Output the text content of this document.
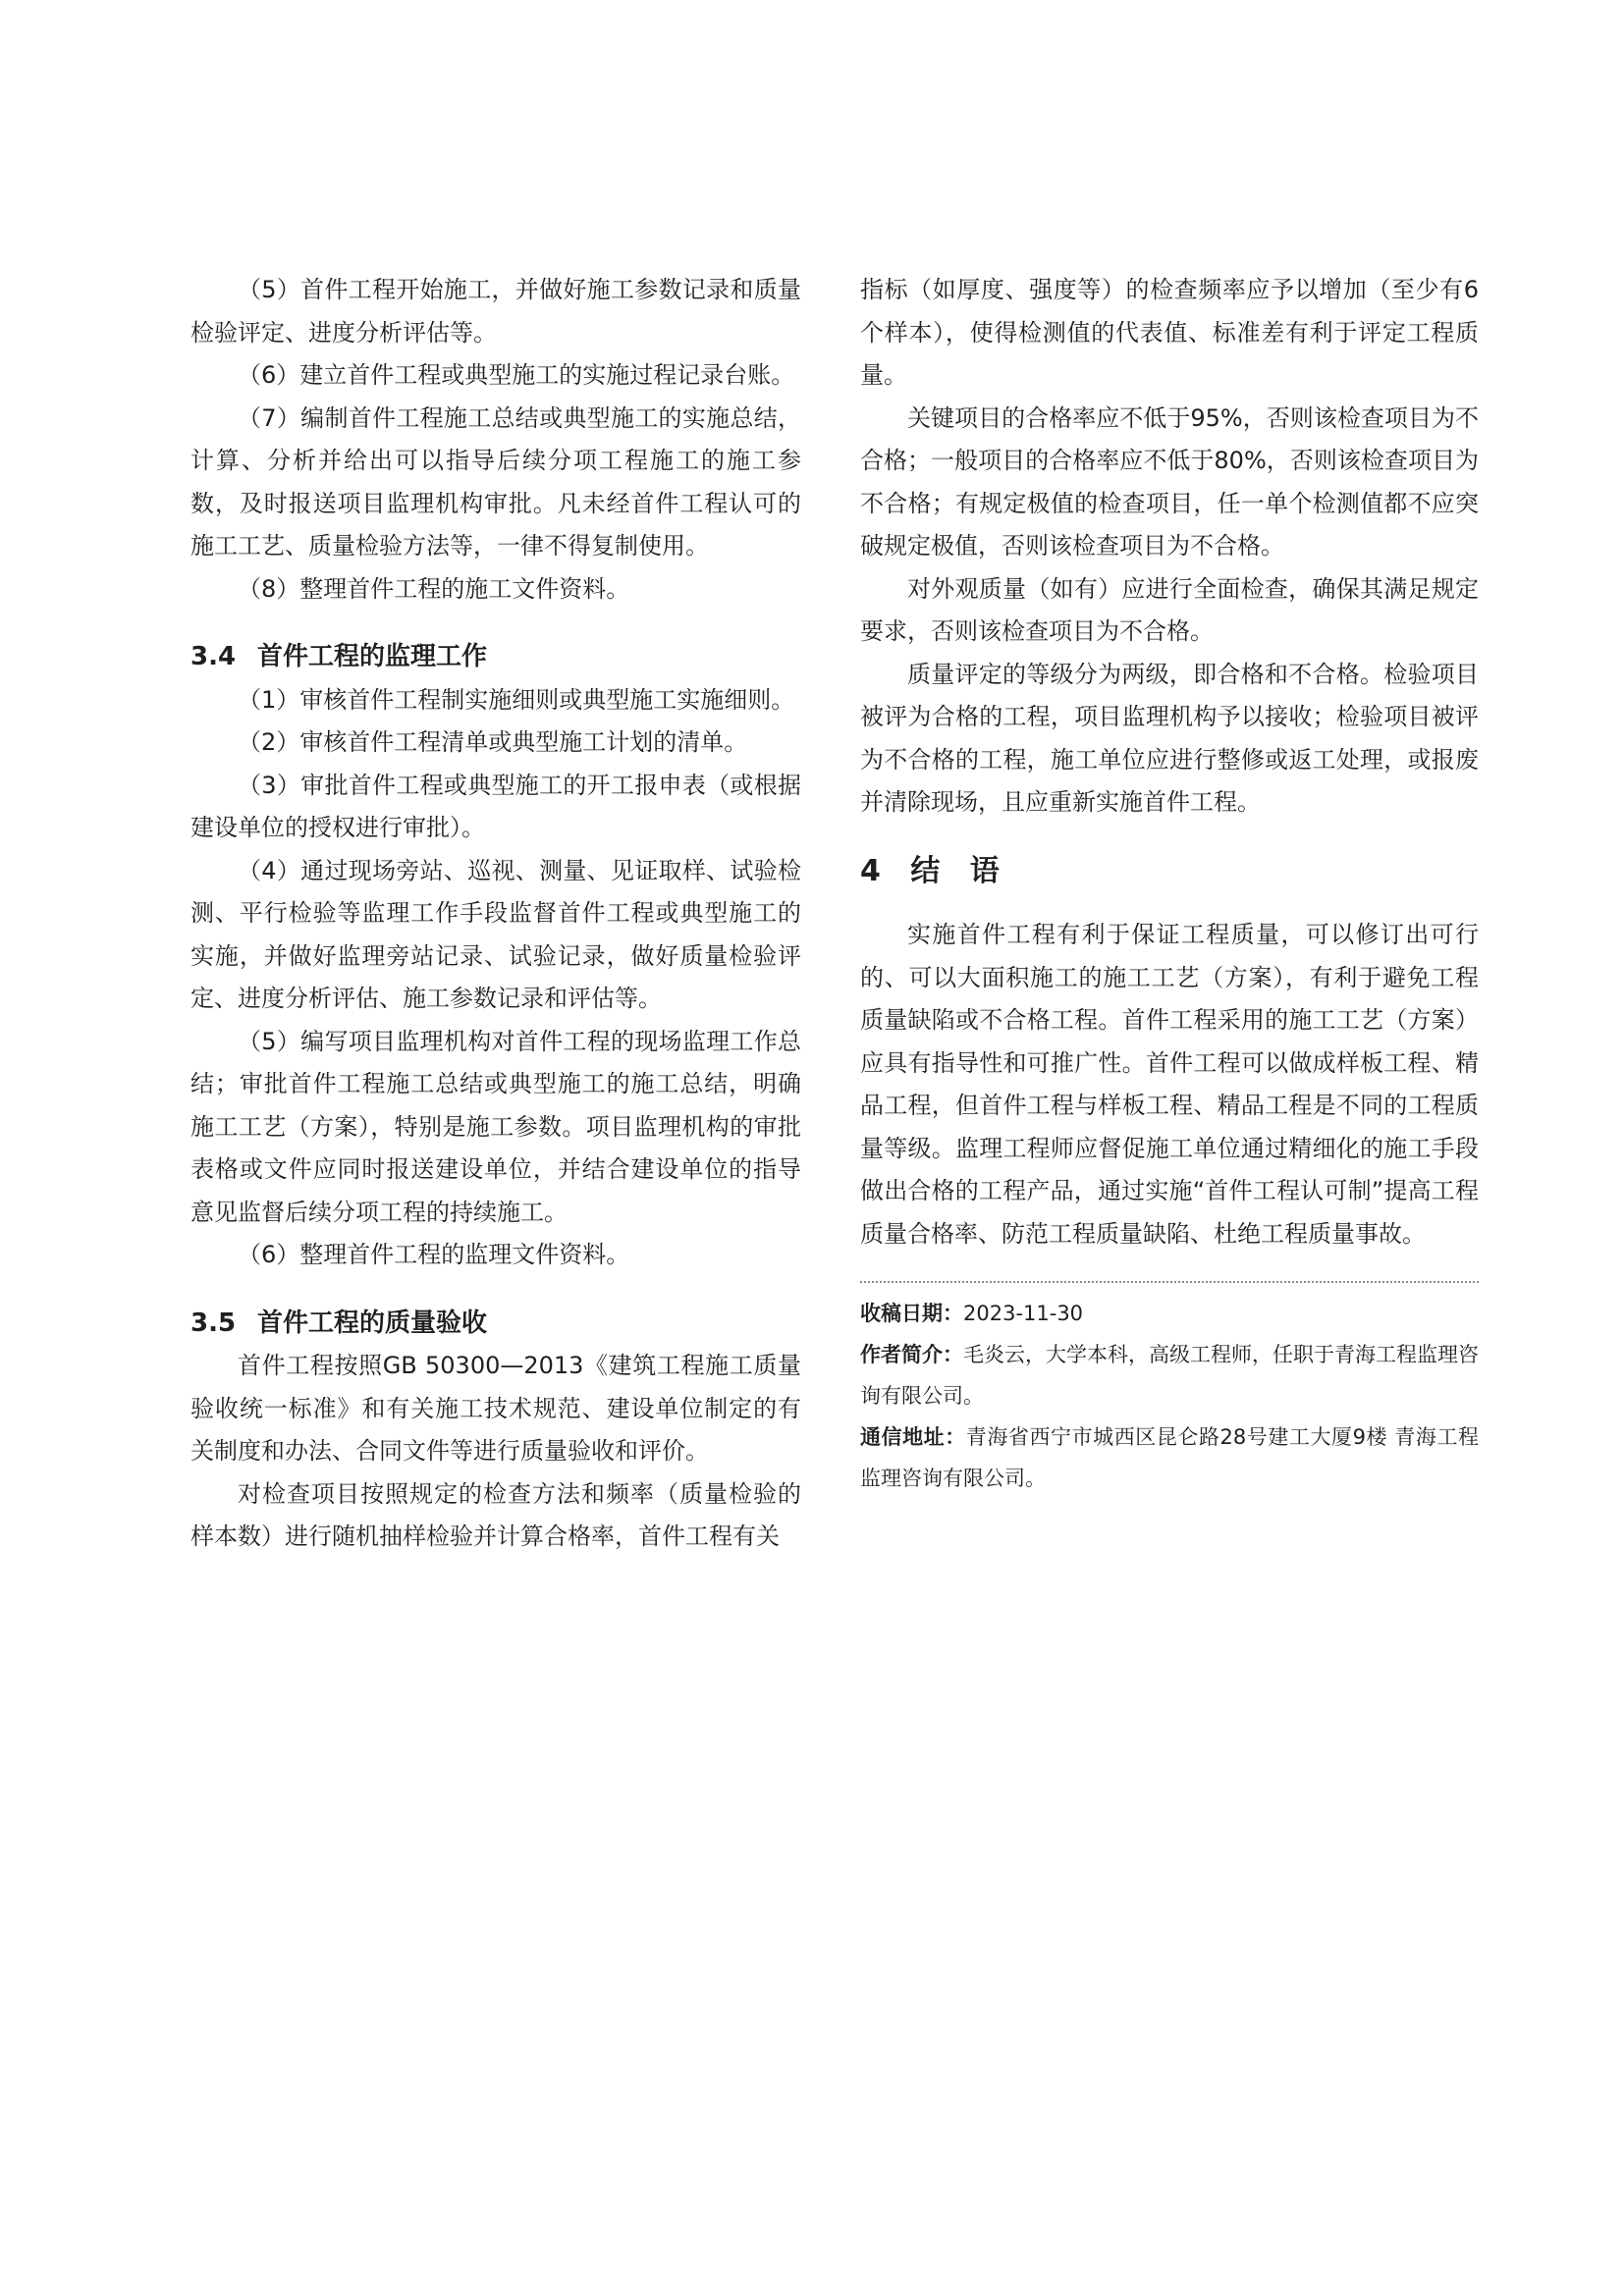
（5）首件工程开始施工，并做好施工参数记录和质量检验评定、进度分析评估等。

（6）建立首件工程或典型施工的实施过程记录台账。

（7）编制首件工程施工总结或典型施工的实施总结，计算、分析并给出可以指导后续分项工程施工的施工参数，及时报送项目监理机构审批。凡未经首件工程认可的施工工艺、质量检验方法等，一律不得复制使用。

（8）整理首件工程的施工文件资料。

3.4 首件工程的监理工作

（1）审核首件工程制实施细则或典型施工实施细则。

（2）审核首件工程清单或典型施工计划的清单。

（3）审批首件工程或典型施工的开工报申表（或根据建设单位的授权进行审批）。

（4）通过现场旁站、巡视、测量、见证取样、试验检测、平行检验等监理工作手段监督首件工程或典型施工的实施，并做好监理旁站记录、试验记录，做好质量检验评定、进度分析评估、施工参数记录和评估等。

（5）编写项目监理机构对首件工程的现场监理工作总结；审批首件工程施工总结或典型施工的施工总结，明确施工工艺（方案），特别是施工参数。项目监理机构的审批表格或文件应同时报送建设单位，并结合建设单位的指导意见监督后续分项工程的持续施工。

（6）整理首件工程的监理文件资料。

3.5 首件工程的质量验收

首件工程按照GB 50300—2013《建筑工程施工质量验收统一标准》和有关施工技术规范、建设单位制定的有关制度和办法、合同文件等进行质量验收和评价。

对检查项目按照规定的检查方法和频率（质量检验的样本数）进行随机抽样检验并计算合格率，首件工程有关

指标（如厚度、强度等）的检查频率应予以增加（至少有6个样本），使得检测值的代表值、标准差有利于评定工程质量。

关键项目的合格率应不低于95%，否则该检查项目为不合格；一般项目的合格率应不低于80%，否则该检查项目为不合格；有规定极值的检查项目，任一单个检测值都不应突破规定极值，否则该检查项目为不合格。

对外观质量（如有）应进行全面检查，确保其满足规定要求，否则该检查项目为不合格。

质量评定的等级分为两级，即合格和不合格。检验项目被评为合格的工程，项目监理机构予以接收；检验项目被评为不合格的工程，施工单位应进行整修或返工处理，或报废并清除现场，且应重新实施首件工程。

4 结 语

实施首件工程有利于保证工程质量，可以修订出可行的、可以大面积施工的施工工艺（方案），有利于避免工程质量缺陷或不合格工程。首件工程采用的施工工艺（方案）应具有指导性和可推广性。首件工程可以做成样板工程、精品工程，但首件工程与样板工程、精品工程是不同的工程质量等级。监理工程师应督促施工单位通过精细化的施工手段做出合格的工程产品，通过实施“首件工程认可制”提高工程质量合格率、防范工程质量缺陷、杜绝工程质量事故。

收稿日期：2023-11-30

作者简介：毛炎云，大学本科，高级工程师，任职于青海工程监理咨询有限公司。

通信地址：青海省西宁市城西区昆仑路28号建工大厦9楼 青海工程监理咨询有限公司。
